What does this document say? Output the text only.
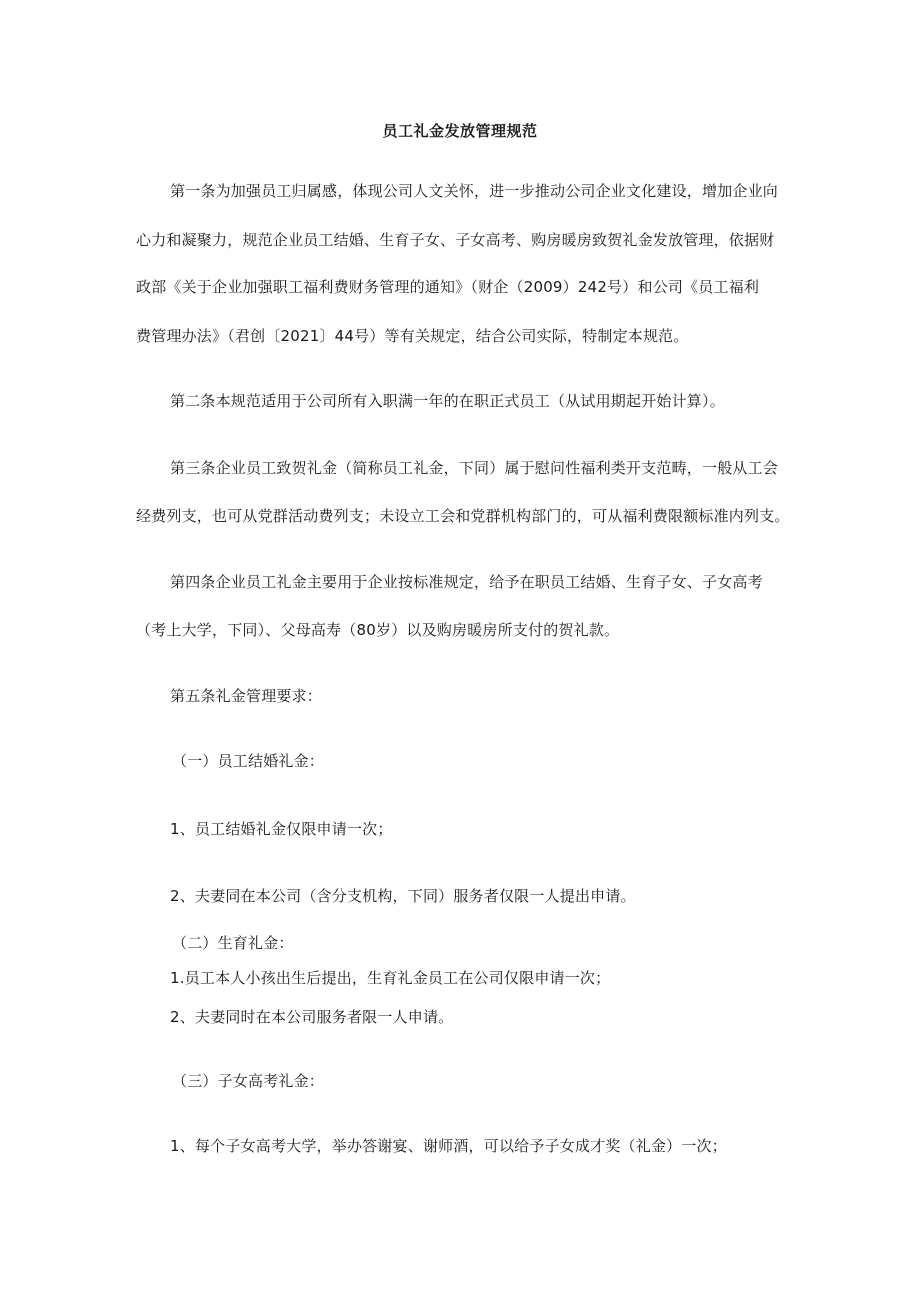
员工礼金发放管理规范
第一条为加强员工归属感，体现公司人文关怀，进一步推动公司企业文化建设，增加企业向
心力和凝聚力，规范企业员工结婚、生育子女、子女高考、购房暖房致贺礼金发放管理，依据财
政部《关于企业加强职工福利费财务管理的通知》（财企（2009）242号）和公司《员工福利
费管理办法》（君创〔2021〕44号）等有关规定，结合公司实际，特制定本规范。
第二条本规范适用于公司所有入职满一年的在职正式员工（从试用期起开始计算）。
第三条企业员工致贺礼金（简称员工礼金，下同）属于慰问性福利类开支范畴，一般从工会
经费列支，也可从党群活动费列支；未设立工会和党群机构部门的，可从福利费限额标准内列支。
第四条企业员工礼金主要用于企业按标准规定，给予在职员工结婚、生育子女、子女高考
（考上大学，下同）、父母高寿（80岁）以及购房暖房所支付的贺礼款。
第五条礼金管理要求：
（一）员工结婚礼金：
1、员工结婚礼金仅限申请一次；
2、夫妻同在本公司（含分支机构，下同）服务者仅限一人提出申请。
（二）生育礼金：
1.员工本人小孩出生后提出，生育礼金员工在公司仅限申请一次；
2、夫妻同时在本公司服务者限一人申请。
（三）子女高考礼金：
1、每个子女高考大学，举办答谢宴、谢师酒，可以给予子女成才奖（礼金）一次；
